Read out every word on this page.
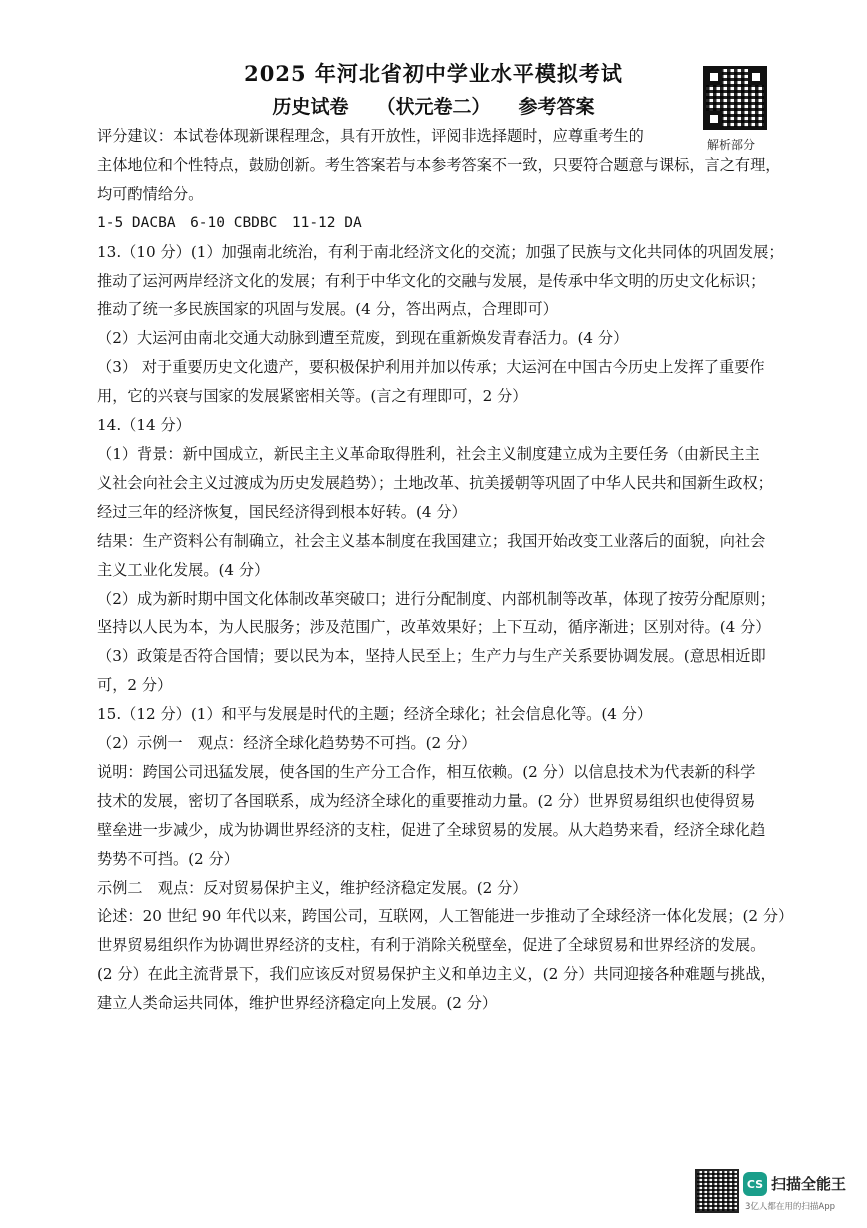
2025 年河北省初中学业水平模拟考试
历史试卷 （状元卷二） 参考答案
解析部分

评分建议：本试卷体现新课程理念，具有开放性，评阅非选择题时，应尊重考生的

主体地位和个性特点，鼓励创新。考生答案若与本参考答案不一致，只要符合题意与课标，言之有理，

均可酌情给分。

1-5 DACBA　6-10 CBDBC　11-12 DA

13.（10 分）(1）加强南北统治，有利于南北经济文化的交流；加强了民族与文化共同体的巩固发展；

推动了运河两岸经济文化的发展；有利于中华文化的交融与发展，是传承中华文明的历史文化标识；

推动了统一多民族国家的巩固与发展。(4 分，答出两点，合理即可）

（2）大运河由南北交通大动脉到遭至荒废，到现在重新焕发青春活力。(4 分）

（3） 对于重要历史文化遗产，要积极保护利用并加以传承；大运河在中国古今历史上发挥了重要作

用，它的兴衰与国家的发展紧密相关等。(言之有理即可，2 分）

14.（14 分）

（1）背景：新中国成立，新民主主义革命取得胜利，社会主义制度建立成为主要任务（由新民主主

义社会向社会主义过渡成为历史发展趋势）；土地改革、抗美援朝等巩固了中华人民共和国新生政权；

经过三年的经济恢复，国民经济得到根本好转。(4 分）

结果：生产资料公有制确立，社会主义基本制度在我国建立；我国开始改变工业落后的面貌，向社会

主义工业化发展。(4 分）

（2）成为新时期中国文化体制改革突破口；进行分配制度、内部机制等改革，体现了按劳分配原则；

坚持以人民为本，为人民服务；涉及范围广，改革效果好；上下互动，循序渐进；区别对待。(4 分）

（3）政策是否符合国情；要以民为本，坚持人民至上；生产力与生产关系要协调发展。(意思相近即

可，2 分）

15.（12 分）(1）和平与发展是时代的主题；经济全球化；社会信息化等。(4 分）

（2）示例一　观点：经济全球化趋势势不可挡。(2 分）

说明：跨国公司迅猛发展，使各国的生产分工合作，相互依赖。(2 分）以信息技术为代表新的科学

技术的发展，密切了各国联系，成为经济全球化的重要推动力量。(2 分）世界贸易组织也使得贸易

壁垒进一步减少，成为协调世界经济的支柱，促进了全球贸易的发展。从大趋势来看，经济全球化趋

势势不可挡。(2 分）

示例二　观点：反对贸易保护主义，维护经济稳定发展。(2 分）

论述：20 世纪 90 年代以来，跨国公司，互联网，人工智能进一步推动了全球经济一体化发展；(2 分）

世界贸易组织作为协调世界经济的支柱，有利于消除关税壁垒，促进了全球贸易和世界经济的发展。

(2 分）在此主流背景下，我们应该反对贸易保护主义和单边主义，(2 分）共同迎接各种难题与挑战，

建立人类命运共同体，维护世界经济稳定向上发展。(2 分）

CS 扫描全能王
3亿人都在用的扫描App
